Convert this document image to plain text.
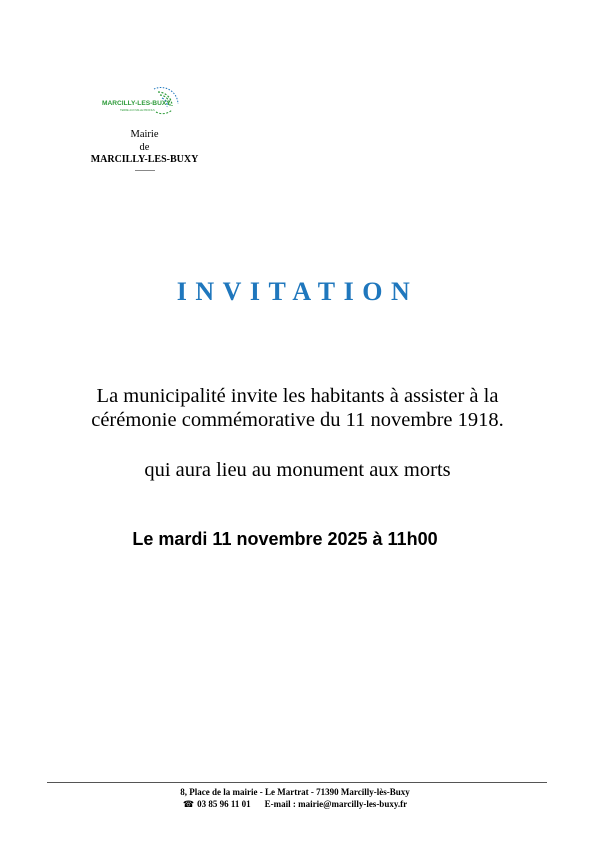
MARCILLY-LES-BUXY
TERRE AUX MILLE PROFILS
Mairie
de
MARCILLY-LES-BUXY
INVITATION
La municipalité invite les habitants à assister à la
cérémonie commémorative du 11 novembre 1918.
qui aura lieu au monument aux morts
Le mardi 11 novembre 2025 à 11h00
8, Place de la mairie - Le Martrat - 71390 Marcilly-lès-Buxy
☎ 03 85 96 11 01 E-mail : mairie@marcilly-les-buxy.fr
